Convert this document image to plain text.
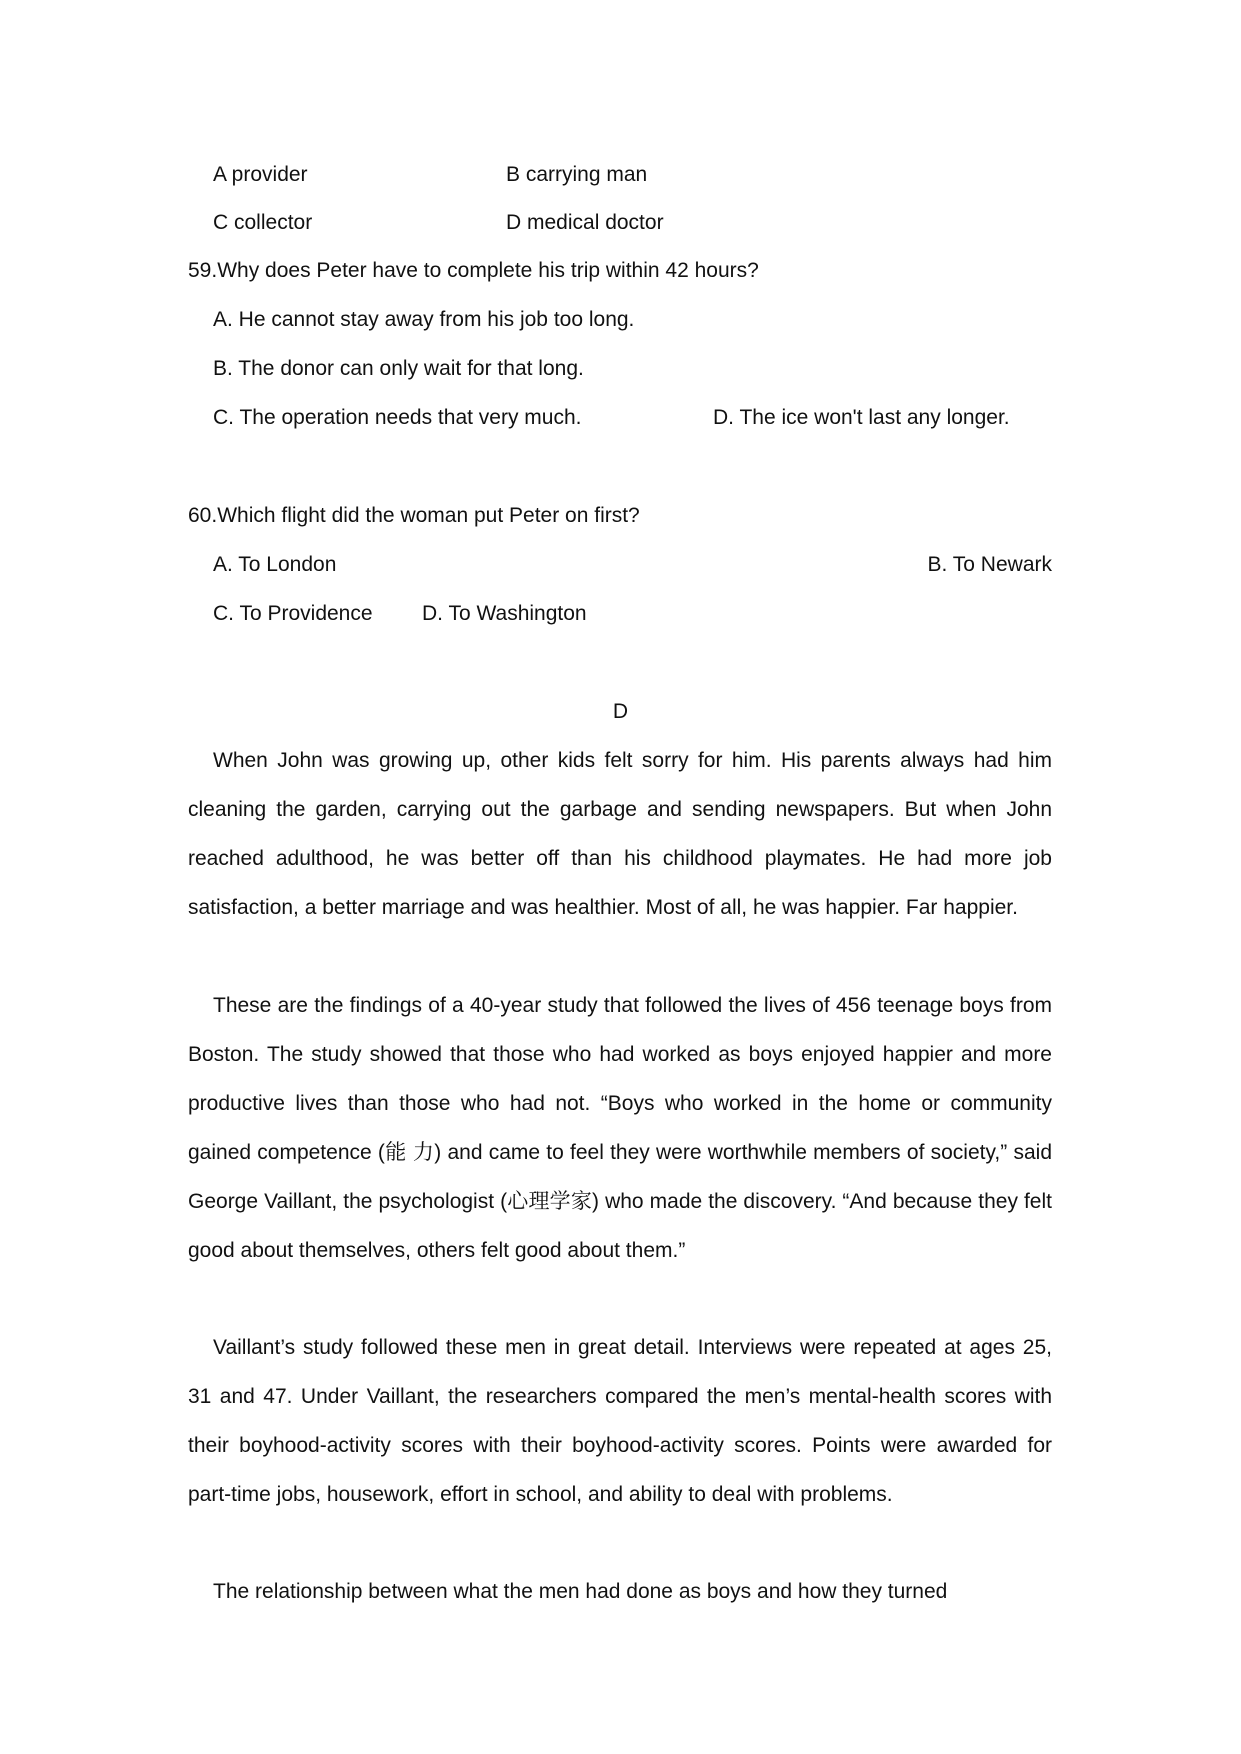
A provider	B carrying man
C collector	D medical doctor
59.Why does Peter have to complete his trip within 42 hours?
A. He cannot stay away from his job too long.
B. The donor can only wait for that long.
C. The operation needs that very much.	D. The ice won't last any longer.
60.Which flight did the woman put Peter on first?
A. To London	B. To Newark
C. To Providence D. To Washington
D

When John was growing up, other kids felt sorry for him. His parents always had him cleaning the garden, carrying out the garbage and sending newspapers. But when John reached adulthood, he was better off than his childhood playmates. He had more job satisfaction, a better marriage and was healthier. Most of all, he was happier. Far happier.

These are the findings of a 40-year study that followed the lives of 456 teenage boys from Boston. The study showed that those who had worked as boys enjoyed happier and more productive lives than those who had not. “Boys who worked in the home or community gained competence (能 力) and came to feel they were worthwhile members of society,” said George Vaillant, the psychologist (心理学家) who made the discovery. “And because they felt good about themselves, others felt good about them.”

Vaillant’s study followed these men in great detail. Interviews were repeated at ages 25, 31 and 47. Under Vaillant, the researchers compared the men’s mental-health scores with their boyhood-activity scores with their boyhood-activity scores. Points were awarded for part-time jobs, housework, effort in school, and ability to deal with problems.

The relationship between what the men had done as boys and how they turned
